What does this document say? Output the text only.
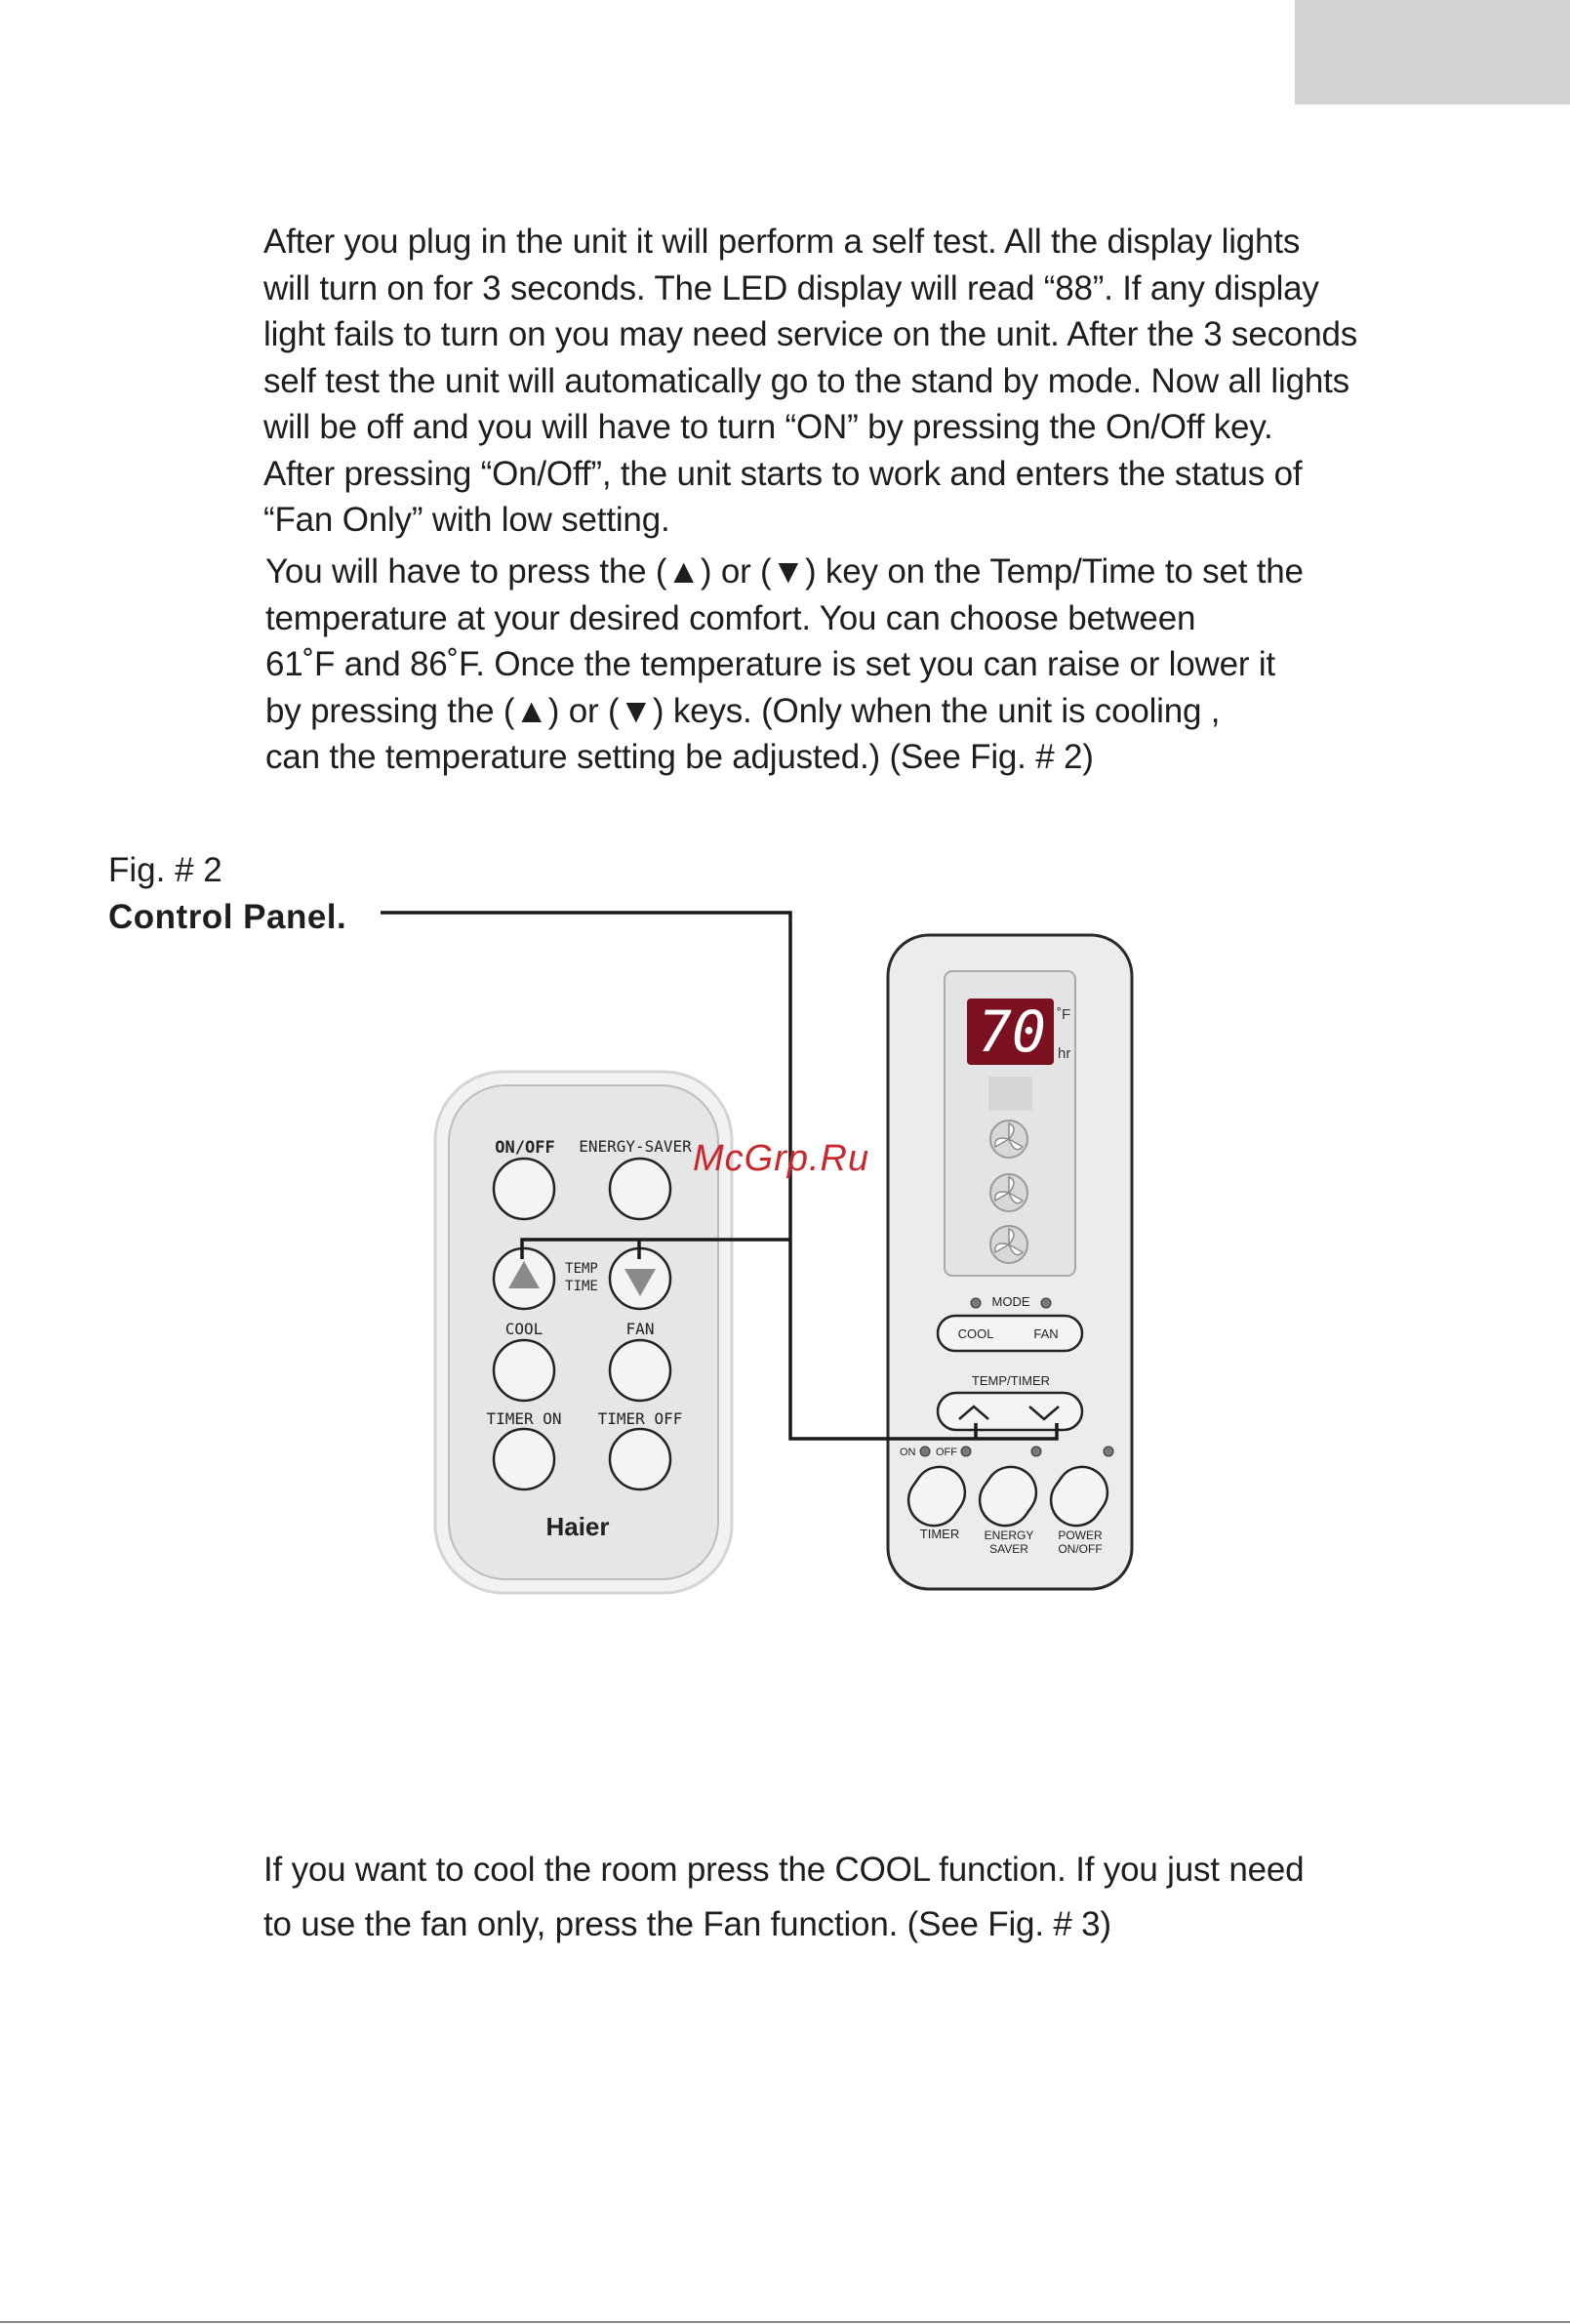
After you plug in the unit it will perform a self test. All the display lights

will turn on for 3 seconds. The LED display will read “88”. If any display

light fails to turn on you may need service on the unit. After the 3 seconds

self test the unit will automatically go to the stand by mode. Now all lights

will be off and you will have to turn “ON” by pressing the On/Off key.

After pressing “On/Off”, the unit starts to work and enters the status of

“Fan Only” with low setting.

You will have to press the (▲) or (▼) key on the Temp/Time to set the

temperature at your desired comfort. You can choose between

61˚F and 86˚F. Once the temperature is set you can raise or lower it

by pressing the (▲) or (▼) keys. (Only when the unit is cooling ,

can the temperature setting be adjusted.) (See Fig. # 2)

Fig. # 2
Control Panel.
ON/OFF ENERGY-SAVER
TEMP
TIME
COOL	FAN
TIMER ON TIMER OFF
Haier
70 ˚F
hr
MODE
COOL	FAN
TEMP/TIMER
ON OFF
TIMER ENERGY
SAVER
POWER
ON/OFF
McGrp.Ru

If you want to cool the room press the COOL function. If you just need

to use the fan only, press the Fan function. (See Fig. # 3)
